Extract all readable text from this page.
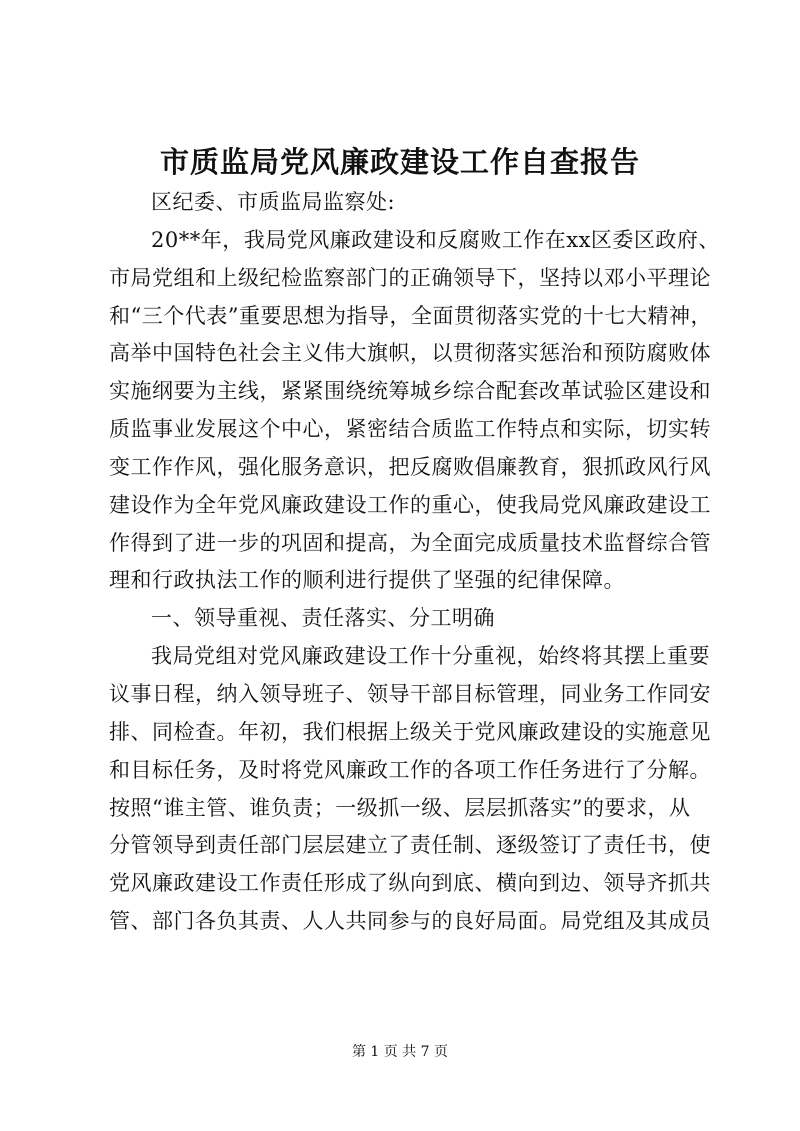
市质监局党风廉政建设工作自查报告
区纪委、市质监局监察处:
20**年，我局党风廉政建设和反腐败工作在xx区委区政府、
市局党组和上级纪检监察部门的正确领导下，坚持以邓小平理论
和“三个代表”重要思想为指导，全面贯彻落实党的十七大精神，
高举中国特色社会主义伟大旗帜，以贯彻落实惩治和预防腐败体
实施纲要为主线，紧紧围绕统筹城乡综合配套改革试验区建设和
质监事业发展这个中心，紧密结合质监工作特点和实际，切实转
变工作作风，强化服务意识，把反腐败倡廉教育，狠抓政风行风
建设作为全年党风廉政建设工作的重心，使我局党风廉政建设工
作得到了进一步的巩固和提高，为全面完成质量技术监督综合管
理和行政执法工作的顺利进行提供了坚强的纪律保障。
一、领导重视、责任落实、分工明确
我局党组对党风廉政建设工作十分重视，始终将其摆上重要
议事日程，纳入领导班子、领导干部目标管理，同业务工作同安
排、同检查。年初，我们根据上级关于党风廉政建设的实施意见
和目标任务，及时将党风廉政工作的各项工作任务进行了分解。
按照“谁主管、谁负责；一级抓一级、层层抓落实”的要求，从
分管领导到责任部门层层建立了责任制、逐级签订了责任书，使
党风廉政建设工作责任形成了纵向到底、横向到边、领导齐抓共
管、部门各负其责、人人共同参与的良好局面。局党组及其成员
第 1 页 共 7 页
